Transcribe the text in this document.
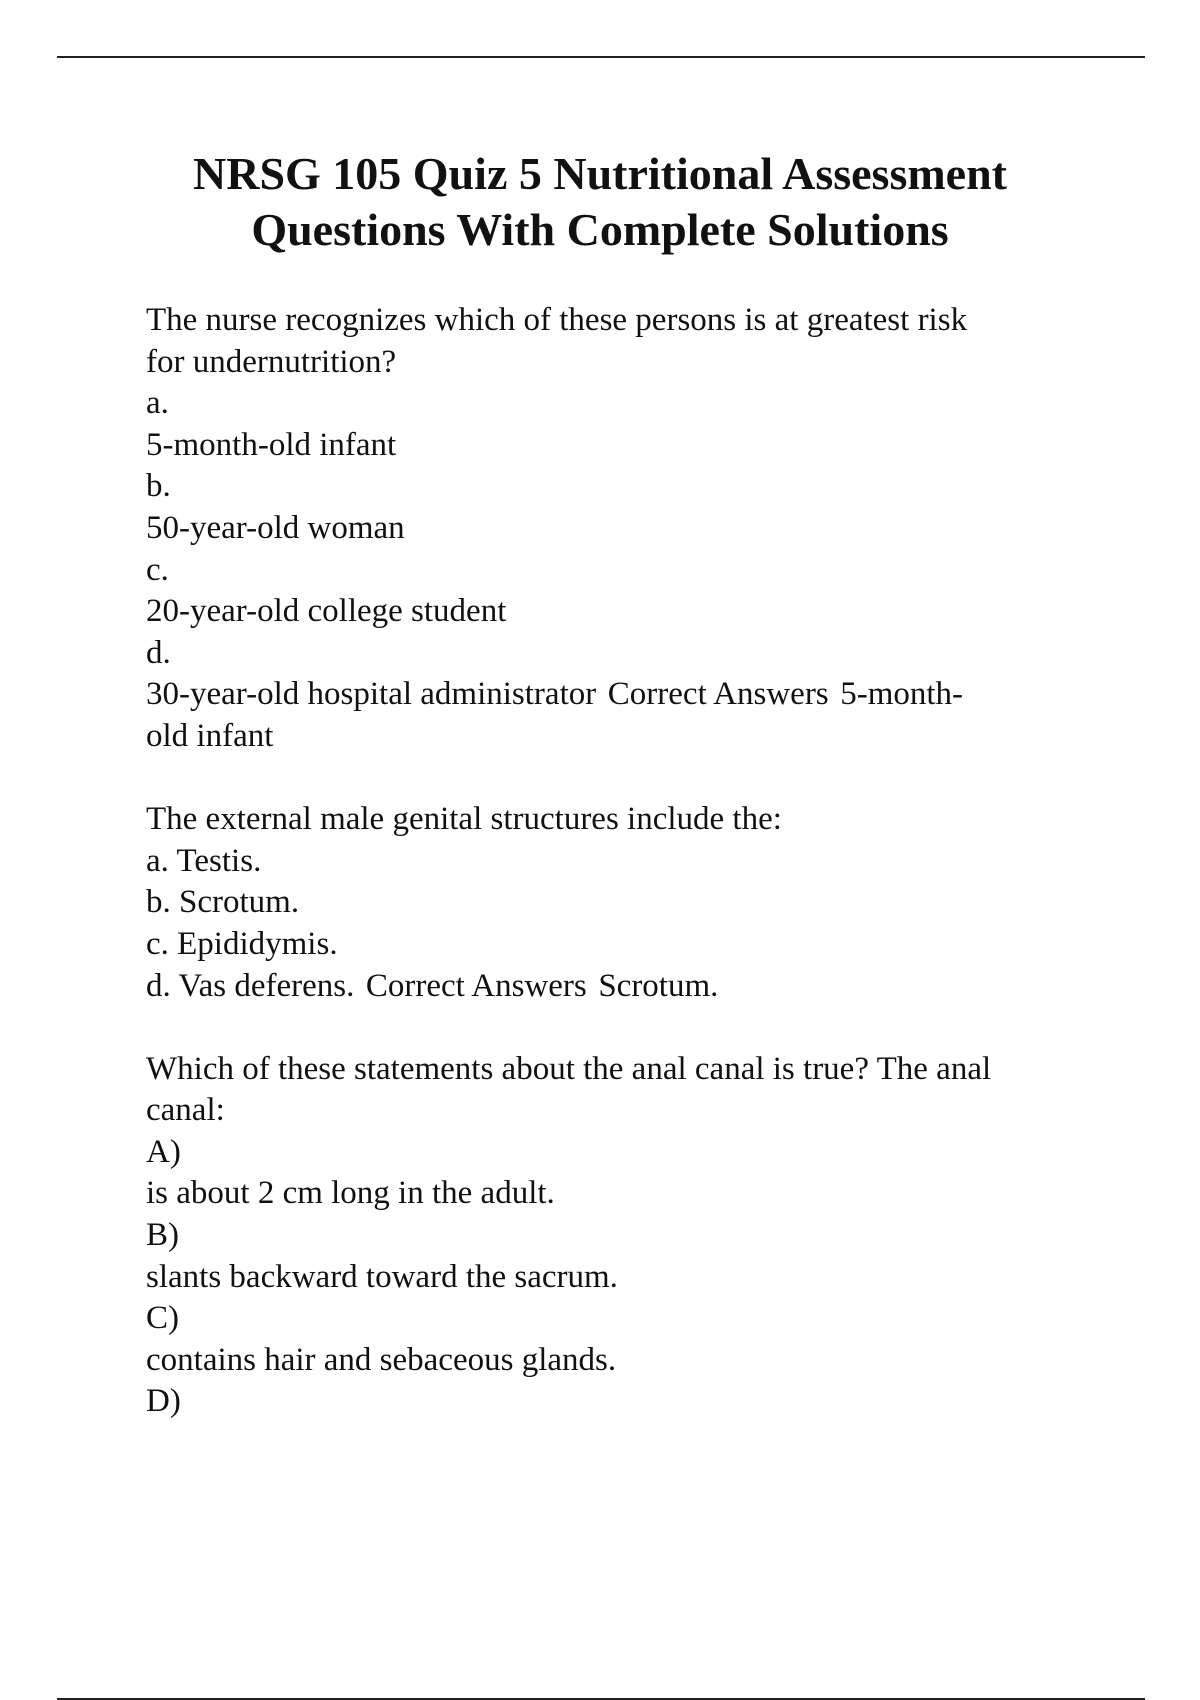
NRSG 105 Quiz 5 Nutritional Assessment
Questions With Complete Solutions
The nurse recognizes which of these persons is at greatest risk
for undernutrition?
a.
5-month-old infant
b.
50-year-old woman
c.
20-year-old college student
d.
30-year-old hospital administrator Correct Answers 5-month-
old infant
The external male genital structures include the:
a. Testis.
b. Scrotum.
c. Epididymis.
d. Vas deferens. Correct Answers Scrotum.
Which of these statements about the anal canal is true? The anal
canal:
A)
is about 2 cm long in the adult.
B)
slants backward toward the sacrum.
C)
contains hair and sebaceous glands.
D)
